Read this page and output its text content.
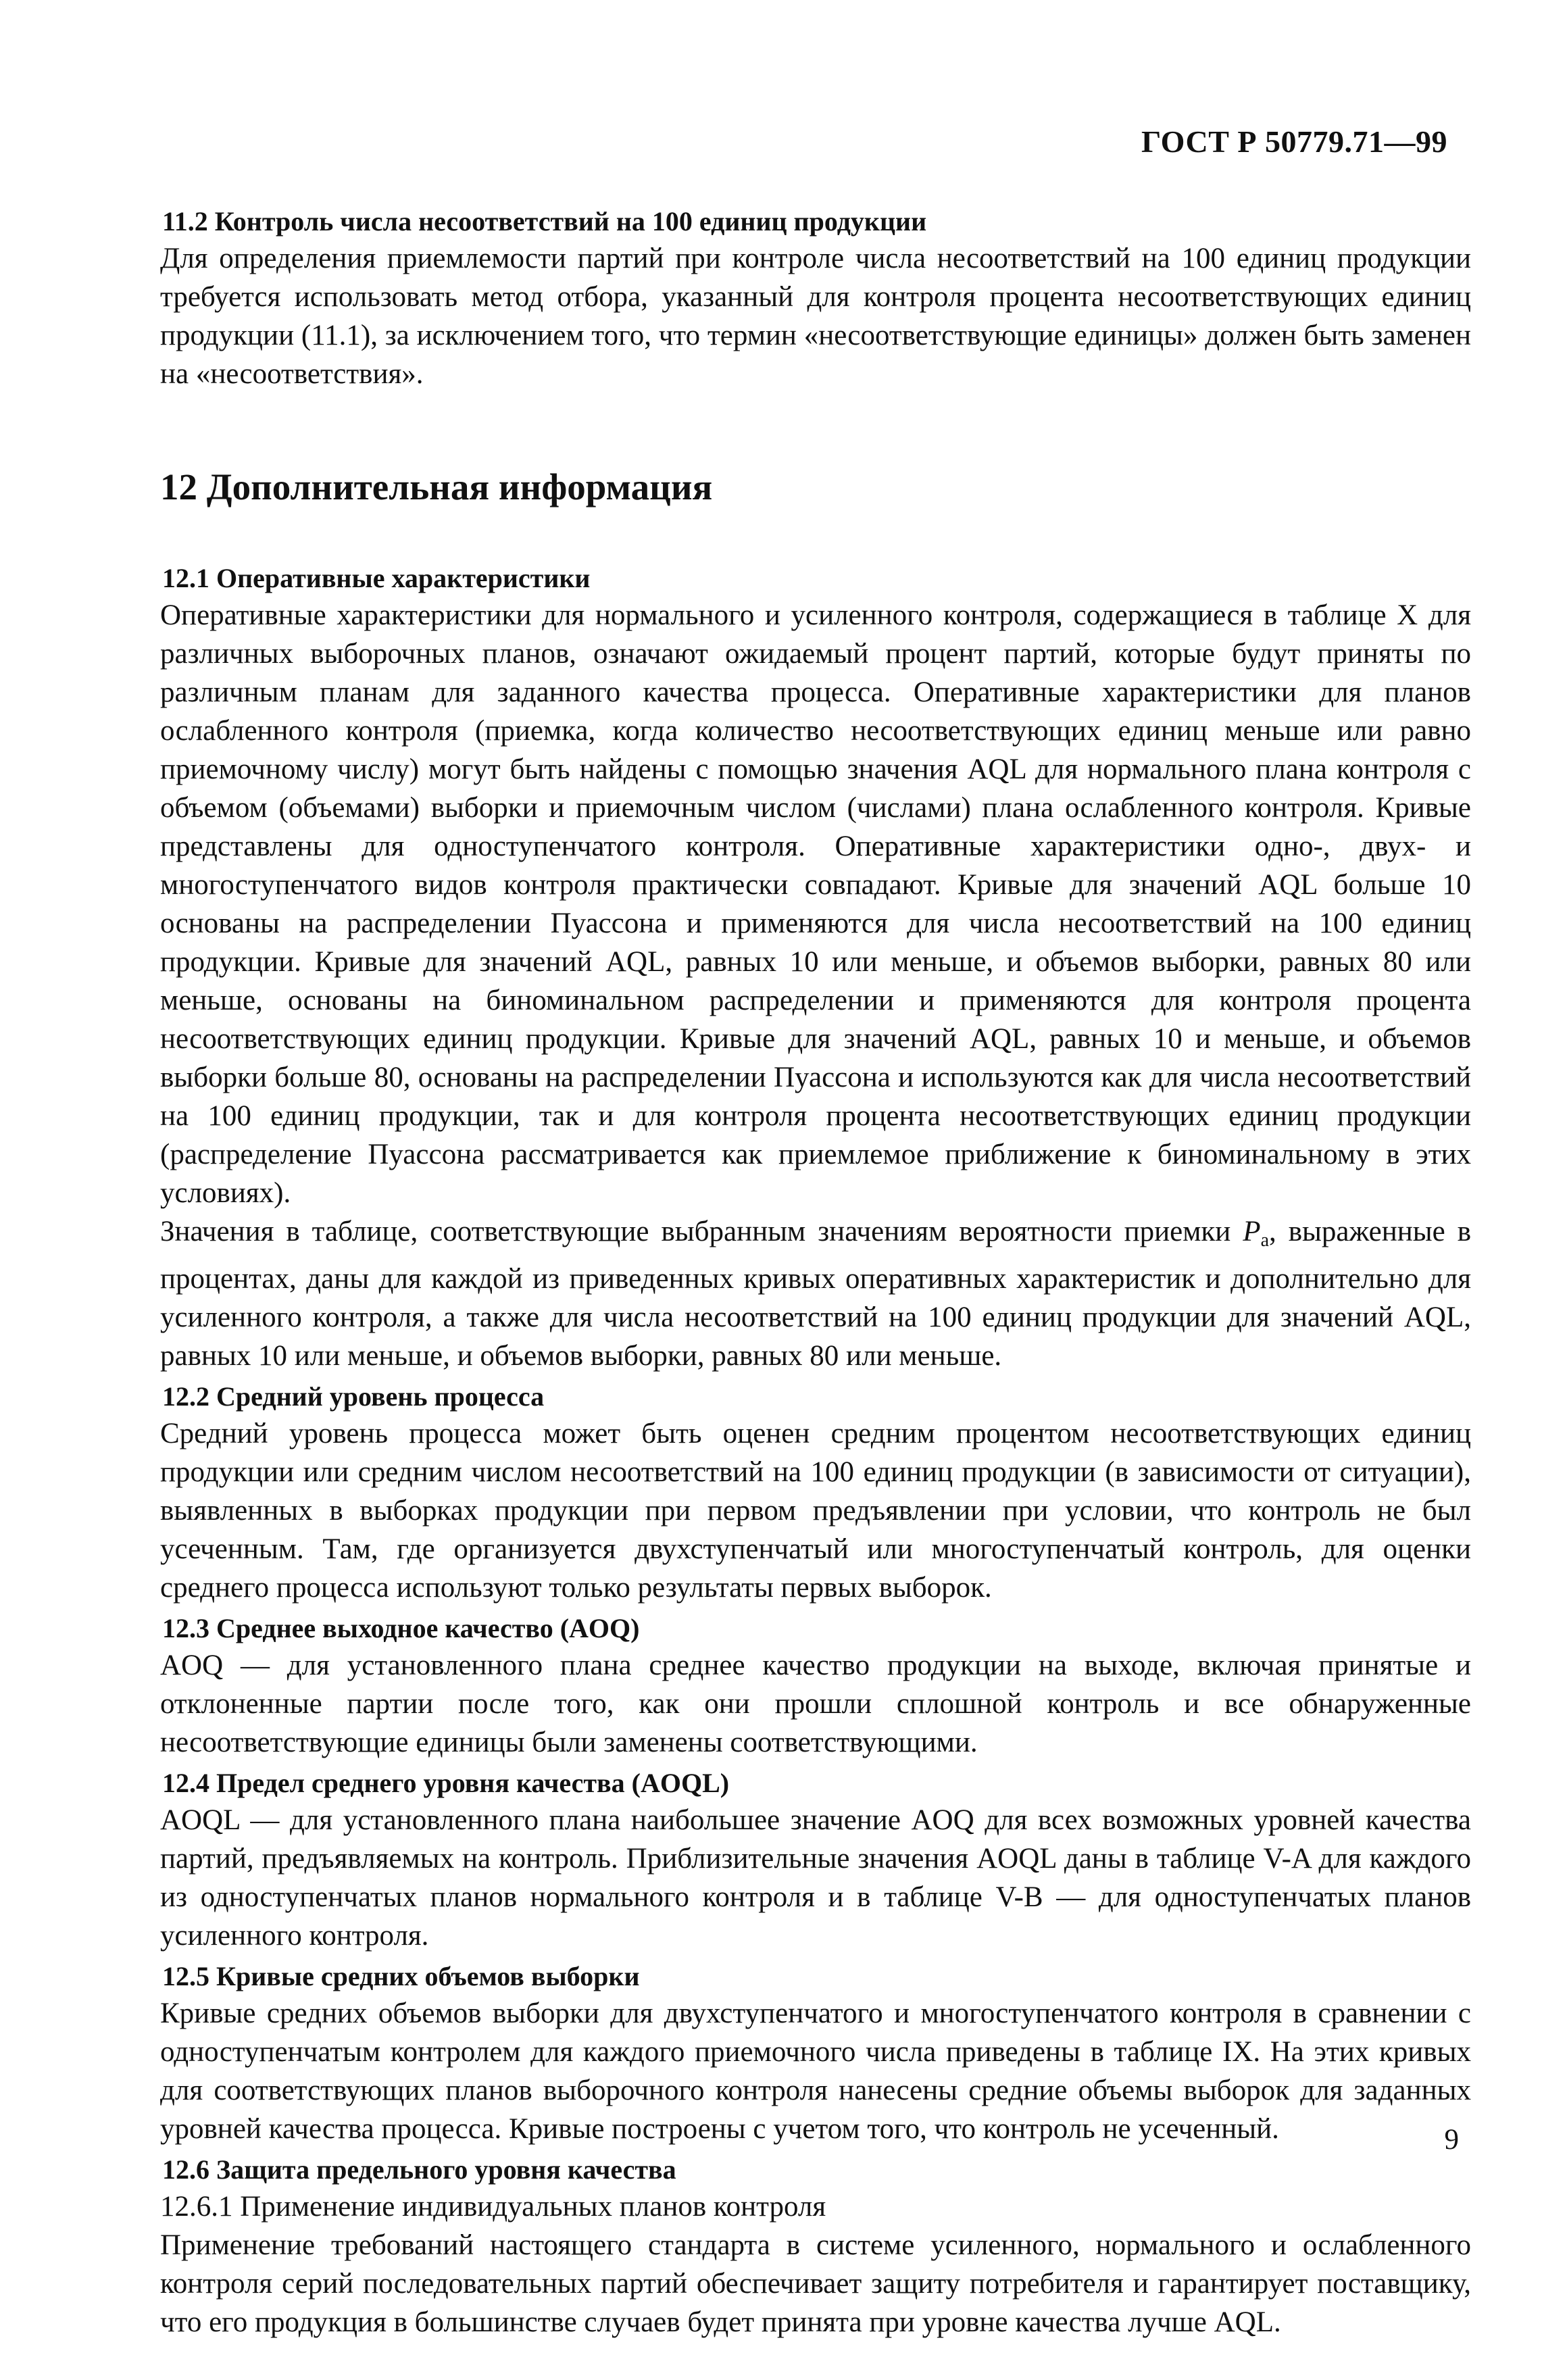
ГОСТ Р 50779.71—99
11.2 Контроль числа несоответствий на 100 единиц продукции

Для определения приемлемости партий при контроле числа несоответствий на 100 единиц продукции требуется использовать метод отбора, указанный для контроля процента несоответствующих единиц продукции (11.1), за исключением того, что термин «несоответствующие единицы» должен быть заменен на «несоответствия».

12 Дополнительная информация
12.1 Оперативные характеристики

Оперативные характеристики для нормального и усиленного контроля, содержащиеся в таблице X для различных выборочных планов, означают ожидаемый процент партий, которые будут приняты по различным планам для заданного качества процесса. Оперативные характеристики для планов ослабленного контроля (приемка, когда количество несоответствующих единиц меньше или равно приемочному числу) могут быть найдены с помощью значения AQL для нормального плана контроля с объемом (объемами) выборки и приемочным числом (числами) плана ослабленного контроля. Кривые представлены для одноступенчатого контроля. Оперативные характеристики одно-, двух- и многоступенчатого видов контроля практически совпадают. Кривые для значений AQL больше 10 основаны на распределении Пуассона и применяются для числа несоответствий на 100 единиц продукции. Кривые для значений AQL, равных 10 или меньше, и объемов выборки, равных 80 или меньше, основаны на биноминальном распределении и применяются для контроля процента несоответствующих единиц продукции. Кривые для значений AQL, равных 10 и меньше, и объемов выборки больше 80, основаны на распределении Пуассона и используются как для числа несоответствий на 100 единиц продукции, так и для контроля процента несоответствующих единиц продукции (распределение Пуассона рассматривается как приемлемое приближение к биноминальному в этих условиях).

Значения в таблице, соответствующие выбранным значениям вероятности приемки $P_a$, выраженные в процентах, даны для каждой из приведенных кривых оперативных характеристик и дополнительно для усиленного контроля, а также для числа несоответствий на 100 единиц продукции для значений AQL, равных 10 или меньше, и объемов выборки, равных 80 или меньше.

12.2 Средний уровень процесса

Средний уровень процесса может быть оценен средним процентом несоответствующих единиц продукции или средним числом несоответствий на 100 единиц продукции (в зависимости от ситуации), выявленных в выборках продукции при первом предъявлении при условии, что контроль не был усеченным. Там, где организуется двухступенчатый или многоступенчатый контроль, для оценки среднего процесса используют только результаты первых выборок.

12.3 Среднее выходное качество (AOQ)

AOQ — для установленного плана среднее качество продукции на выходе, включая принятые и отклоненные партии после того, как они прошли сплошной контроль и все обнаруженные несоответствующие единицы были заменены соответствующими.

12.4 Предел среднего уровня качества (AOQL)

AOQL — для установленного плана наибольшее значение AOQ для всех возможных уровней качества партий, предъявляемых на контроль. Приблизительные значения AOQL даны в таблице V-A для каждого из одноступенчатых планов нормального контроля и в таблице V-B — для одноступенчатых планов усиленного контроля.

12.5 Кривые средних объемов выборки

Кривые средних объемов выборки для двухступенчатого и многоступенчатого контроля в сравнении с одноступенчатым контролем для каждого приемочного числа приведены в таблице IX. На этих кривых для соответствующих планов выборочного контроля нанесены средние объемы выборок для заданных уровней качества процесса. Кривые построены с учетом того, что контроль не усеченный.

12.6 Защита предельного уровня качества

12.6.1 Применение индивидуальных планов контроля

Применение требований настоящего стандарта в системе усиленного, нормального и ослабленного контроля серий последовательных партий обеспечивает защиту потребителя и гарантирует поставщику, что его продукция в большинстве случаев будет принята при уровне качества лучше AQL.

9
